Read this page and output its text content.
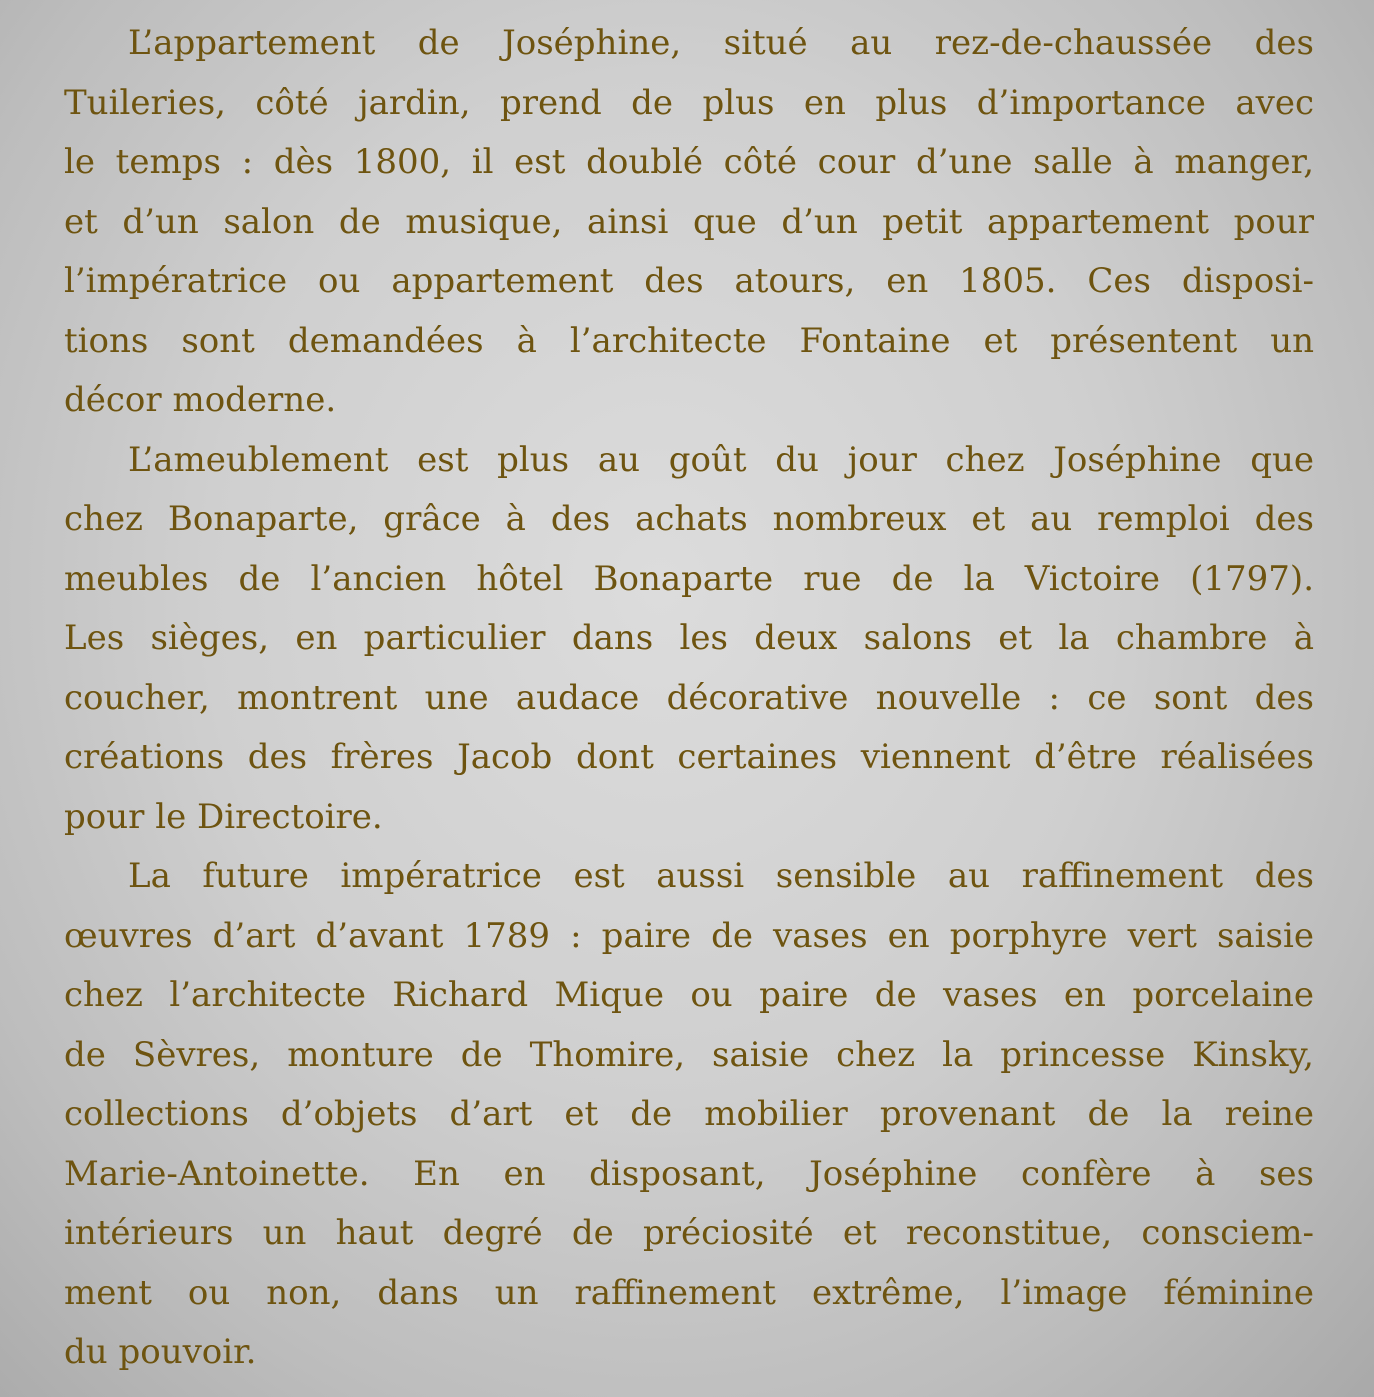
L’appartement de Joséphine, situé au rez-de-chaussée des
Tuileries, côté jardin, prend de plus en plus d’importance avec
le temps : dès 1800, il est doublé côté cour d’une salle à manger,
et d’un salon de musique, ainsi que d’un petit appartement pour
l’impératrice ou appartement des atours, en 1805. Ces disposi-
tions sont demandées à l’architecte Fontaine et présentent un
décor moderne.
L’ameublement est plus au goût du jour chez Joséphine que
chez Bonaparte, grâce à des achats nombreux et au remploi des
meubles de l’ancien hôtel Bonaparte rue de la Victoire (1797).
Les sièges, en particulier dans les deux salons et la chambre à
coucher, montrent une audace décorative nouvelle : ce sont des
créations des frères Jacob dont certaines viennent d’être réalisées
pour le Directoire.
La future impératrice est aussi sensible au raffinement des
œuvres d’art d’avant 1789 : paire de vases en porphyre vert saisie
chez l’architecte Richard Mique ou paire de vases en porcelaine
de Sèvres, monture de Thomire, saisie chez la princesse Kinsky,
collections d’objets d’art et de mobilier provenant de la reine
Marie-Antoinette. En en disposant, Joséphine confère à ses
intérieurs un haut degré de préciosité et reconstitue, consciem-
ment ou non, dans un raffinement extrême, l’image féminine
du pouvoir.
